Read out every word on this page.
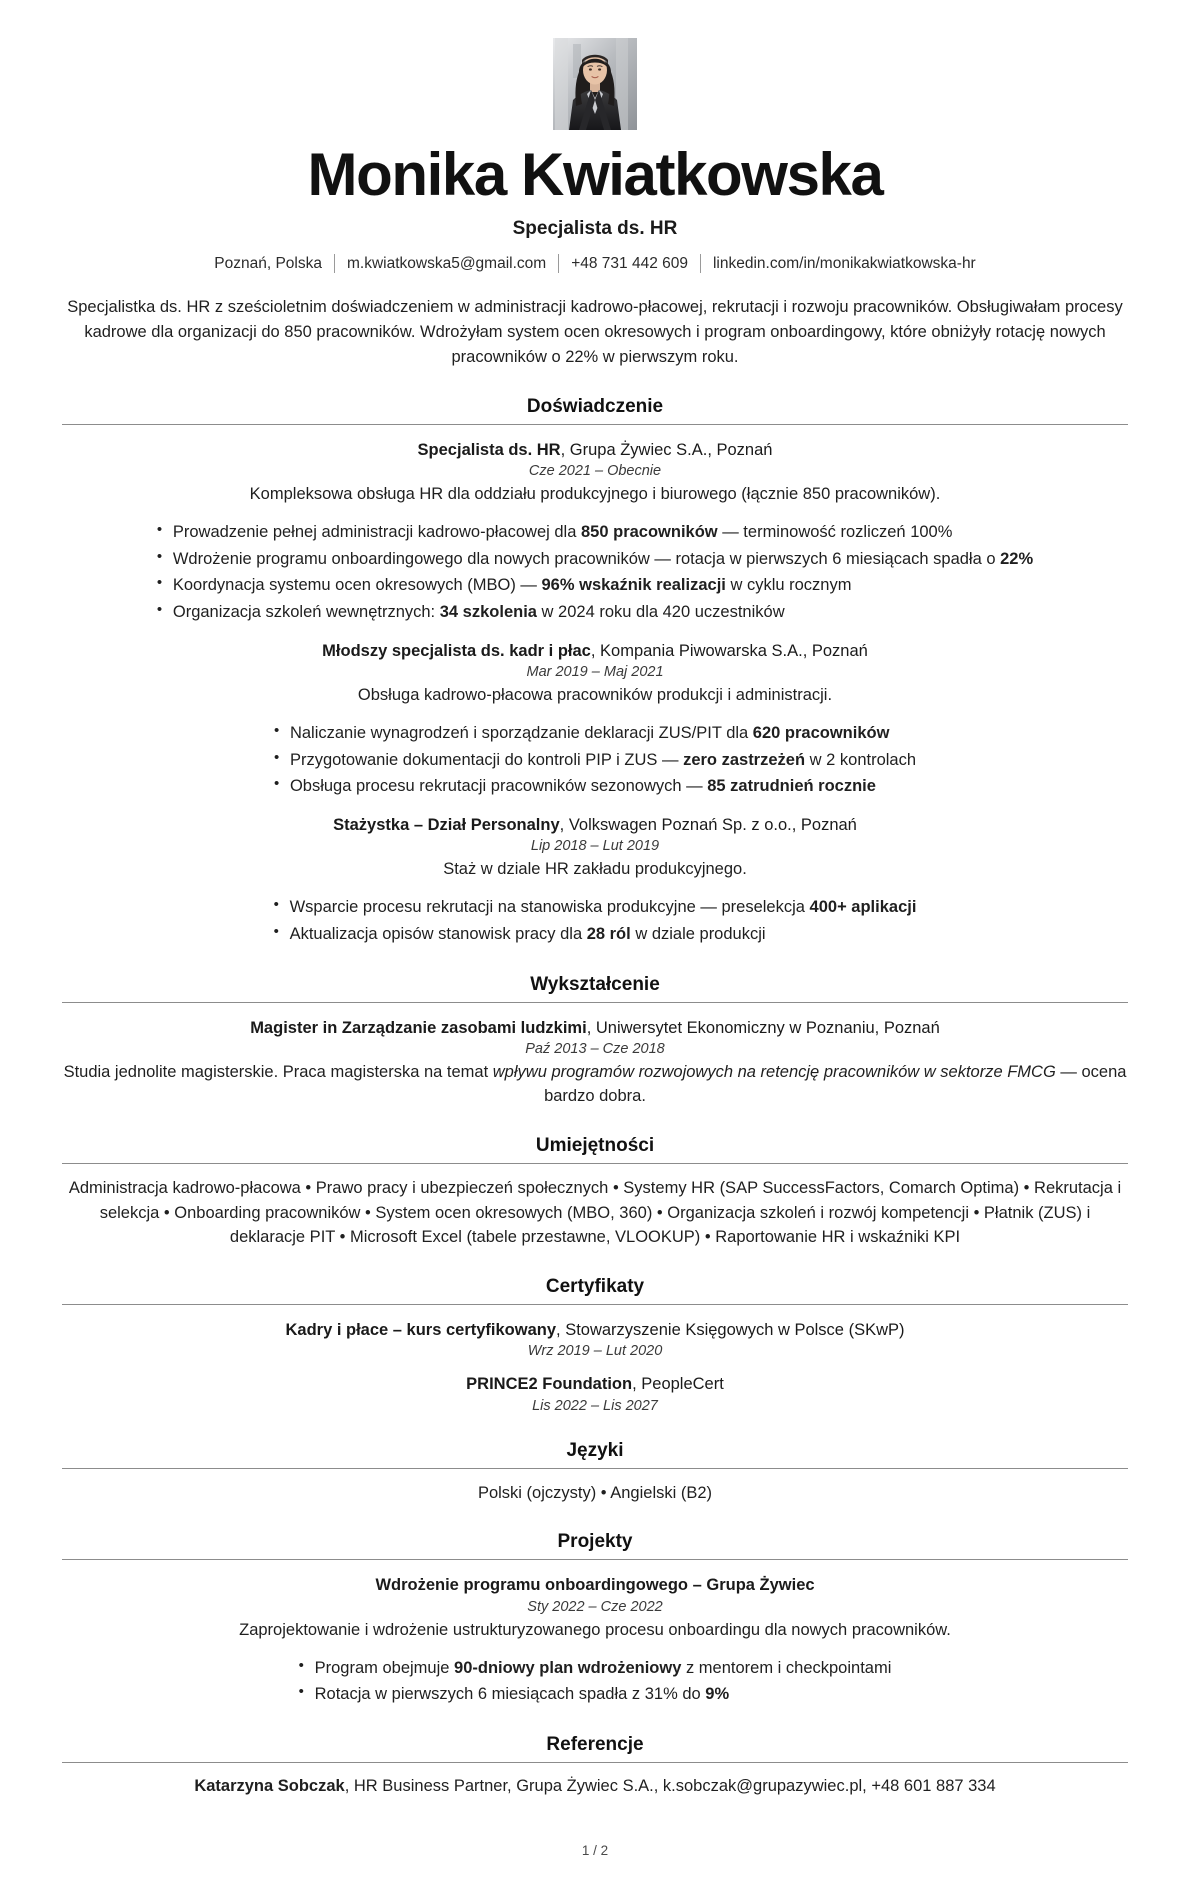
Monika Kwiatkowska
Specjalista ds. HR
Poznań, Polska	m.kwiatkowska5@gmail.com	+48 731 442 609	linkedin.com/in/monikakwiatkowska-hr

Specjalistka ds. HR z sześcioletnim doświadczeniem w administracji kadrowo-płacowej, rekrutacji i rozwoju pracowników. Obsługiwałam procesy kadrowe dla organizacji do 850 pracowników. Wdrożyłam system ocen okresowych i program onboardingowy, które obniżyły rotację nowych pracowników o 22% w pierwszym roku.

Doświadczenie
Specjalista ds. HR, Grupa Żywiec S.A., Poznań
Cze 2021 – Obecnie
Kompleksowa obsługa HR dla oddziału produkcyjnego i biurowego (łącznie 850 pracowników).
• Prowadzenie pełnej administracji kadrowo-płacowej dla 850 pracowników — terminowość rozliczeń 100%
• Wdrożenie programu onboardingowego dla nowych pracowników — rotacja w pierwszych 6 miesiącach spadła o 22%
• Koordynacja systemu ocen okresowych (MBO) — 96% wskaźnik realizacji w cyklu rocznym
• Organizacja szkoleń wewnętrznych: 34 szkolenia w 2024 roku dla 420 uczestników
Młodszy specjalista ds. kadr i płac, Kompania Piwowarska S.A., Poznań
Mar 2019 – Maj 2021
Obsługa kadrowo-płacowa pracowników produkcji i administracji.
• Naliczanie wynagrodzeń i sporządzanie deklaracji ZUS/PIT dla 620 pracowników
• Przygotowanie dokumentacji do kontroli PIP i ZUS — zero zastrzeżeń w 2 kontrolach
• Obsługa procesu rekrutacji pracowników sezonowych — 85 zatrudnień rocznie
Stażystka – Dział Personalny, Volkswagen Poznań Sp. z o.o., Poznań
Lip 2018 – Lut 2019
Staż w dziale HR zakładu produkcyjnego.
• Wsparcie procesu rekrutacji na stanowiska produkcyjne — preselekcja 400+ aplikacji
• Aktualizacja opisów stanowisk pracy dla 28 ról w dziale produkcji
Wykształcenie
Magister in Zarządzanie zasobami ludzkimi, Uniwersytet Ekonomiczny w Poznaniu, Poznań
Paź 2013 – Cze 2018
Studia jednolite magisterskie. Praca magisterska na temat wpływu programów rozwojowych na retencję pracowników w sektorze FMCG — ocena bardzo dobra.
Umiejętności
Administracja kadrowo-płacowa • Prawo pracy i ubezpieczeń społecznych • Systemy HR (SAP SuccessFactors, Comarch Optima) • Rekrutacja i selekcja • Onboarding pracowników • System ocen okresowych (MBO, 360) • Organizacja szkoleń i rozwój kompetencji • Płatnik (ZUS) i deklaracje PIT • Microsoft Excel (tabele przestawne, VLOOKUP) • Raportowanie HR i wskaźniki KPI
Certyfikaty
Kadry i płace – kurs certyfikowany, Stowarzyszenie Księgowych w Polsce (SKwP)
Wrz 2019 – Lut 2020
PRINCE2 Foundation, PeopleCert
Lis 2022 – Lis 2027
Języki
Polski (ojczysty) • Angielski (B2)
Projekty
Wdrożenie programu onboardingowego – Grupa Żywiec
Sty 2022 – Cze 2022
Zaprojektowanie i wdrożenie ustrukturyzowanego procesu onboardingu dla nowych pracowników.
• Program obejmuje 90-dniowy plan wdrożeniowy z mentorem i checkpointami
• Rotacja w pierwszych 6 miesiącach spadła z 31% do 9%
Referencje
Katarzyna Sobczak, HR Business Partner, Grupa Żywiec S.A., k.sobczak@grupazywiec.pl, +48 601 887 334
1 / 2
